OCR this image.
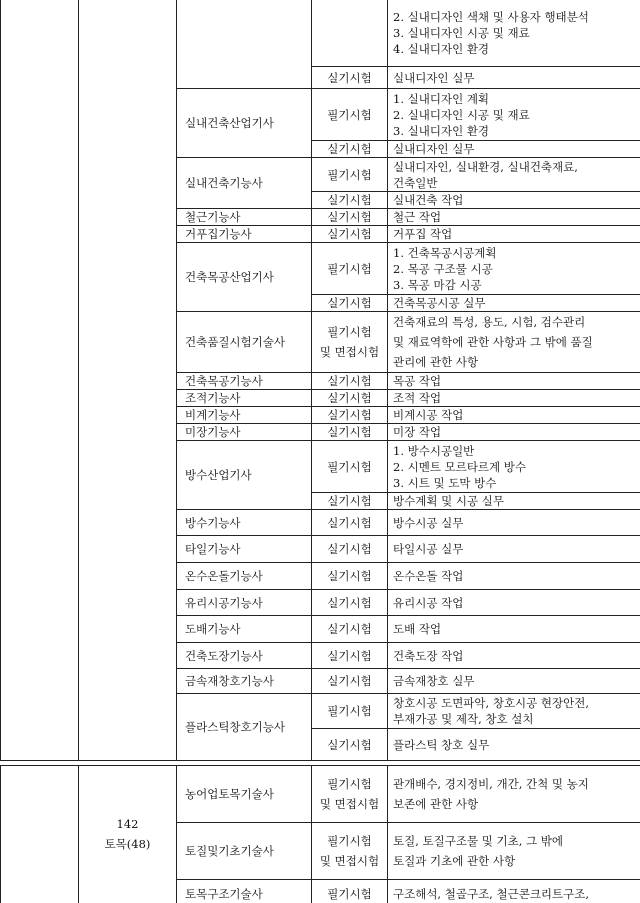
				2. 실내디자인 색채 및 사용자 행태분석
3. 실내디자인 시공 및 재료
4. 실내디자인 환경

			실기시험	실내디자인 실무

		실내건축산업기사	필기시험	1. 실내디자인 계획
2. 실내디자인 시공 및 재료
3. 실내디자인 환경

			실기시험	실내디자인 실무

		실내건축기능사	필기시험	실내디자인, 실내환경, 실내건축재료,
건축일반

			실기시험	실내건축 작업

		철근기능사	실기시험	철근 작업

		거푸집기능사	실기시험	거푸집 작업

		건축목공산업기사	필기시험	1. 건축목공시공계획
2. 목공 구조물 시공
3. 목공 마감 시공

			실기시험	건축목공시공 실무

		건축품질시험기술사	필기시험
및 면접시험	건축재료의 특성, 용도, 시험, 검수관리
및 재료역학에 관한 사항과 그 밖에 품질
관리에 관한 사항

		건축목공기능사	실기시험	목공 작업

		조적기능사	실기시험	조적 작업

		비계기능사	실기시험	비계시공 작업

		미장기능사	실기시험	미장 작업

		방수산업기사	필기시험	1. 방수시공일반
2. 시멘트 모르타르계 방수
3. 시트 및 도막 방수

			실기시험	방수계획 및 시공 실무

		방수기능사	실기시험	방수시공 실무

		타일기능사	실기시험	타일시공 실무

		온수온돌기능사	실기시험	온수온돌 작업

		유리시공기능사	실기시험	유리시공 작업

		도배기능사	실기시험	도배 작업

		건축도장기능사	실기시험	건축도장 작업

		금속재창호기능사	실기시험	금속재창호 실무

		플라스틱창호기능사	필기시험	창호시공 도면파악, 창호시공 현장안전,
부재가공 및 제작, 창호 설치

			실기시험	플라스틱 창호 실무

	142
토목(48)	농어업토목기술사	필기시험
및 면접시험	관개배수, 경지정비, 개간, 간척 및 농지
보존에 관한 사항

		토질및기초기술사	필기시험
및 면접시험	토질, 토질구조물 및 기초, 그 밖에
토질과 기초에 관한 사항

		토목구조기술사	필기시험	구조해석, 철골구조, 철근콘크리트구조,
